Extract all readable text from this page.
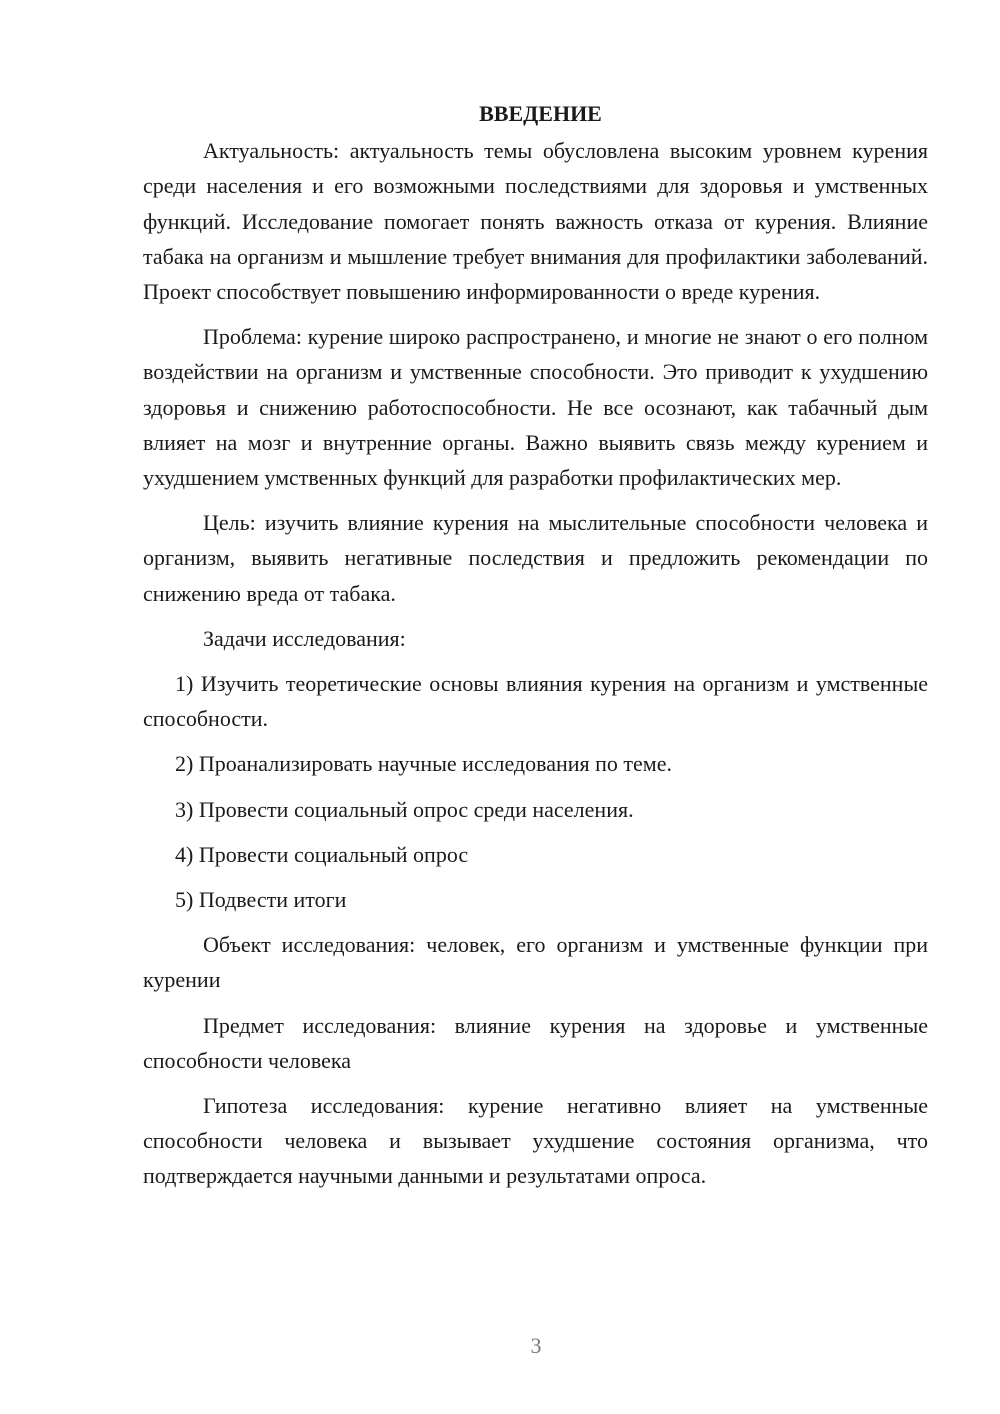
ВВЕДЕНИЕ

Актуальность: актуальность темы обусловлена высоким уровнем курения среди населения и его возможными последствиями для здоровья и умственных функций. Исследование помогает понять важность отказа от курения. Влияние табака на организм и мышление требует внимания для профилактики заболеваний. Проект способствует повышению информированности о вреде курения.

Проблема: курение широко распространено, и многие не знают о его полном воздействии на организм и умственные способности. Это приводит к ухудшению здоровья и снижению работоспособности. Не все осознают, как табачный дым влияет на мозг и внутренние органы. Важно выявить связь между курением и ухудшением умственных функций для разработки профилактических мер.

Цель: изучить влияние курения на мыслительные способности человека и организм, выявить негативные последствия и предложить рекомендации по снижению вреда от табака.

Задачи исследования:

1) Изучить теоретические основы влияния курения на организм и умственные способности.

2) Проанализировать научные исследования по теме.

3) Провести социальный опрос среди населения.

4) Провести социальный опрос

5) Подвести итоги

Объект исследования: человек, его организм и умственные функции при курении

Предмет исследования: влияние курения на здоровье и умственные способности человека

Гипотеза исследования: курение негативно влияет на умственные способности человека и вызывает ухудшение состояния организма, что подтверждается научными данными и результатами опроса.

3
